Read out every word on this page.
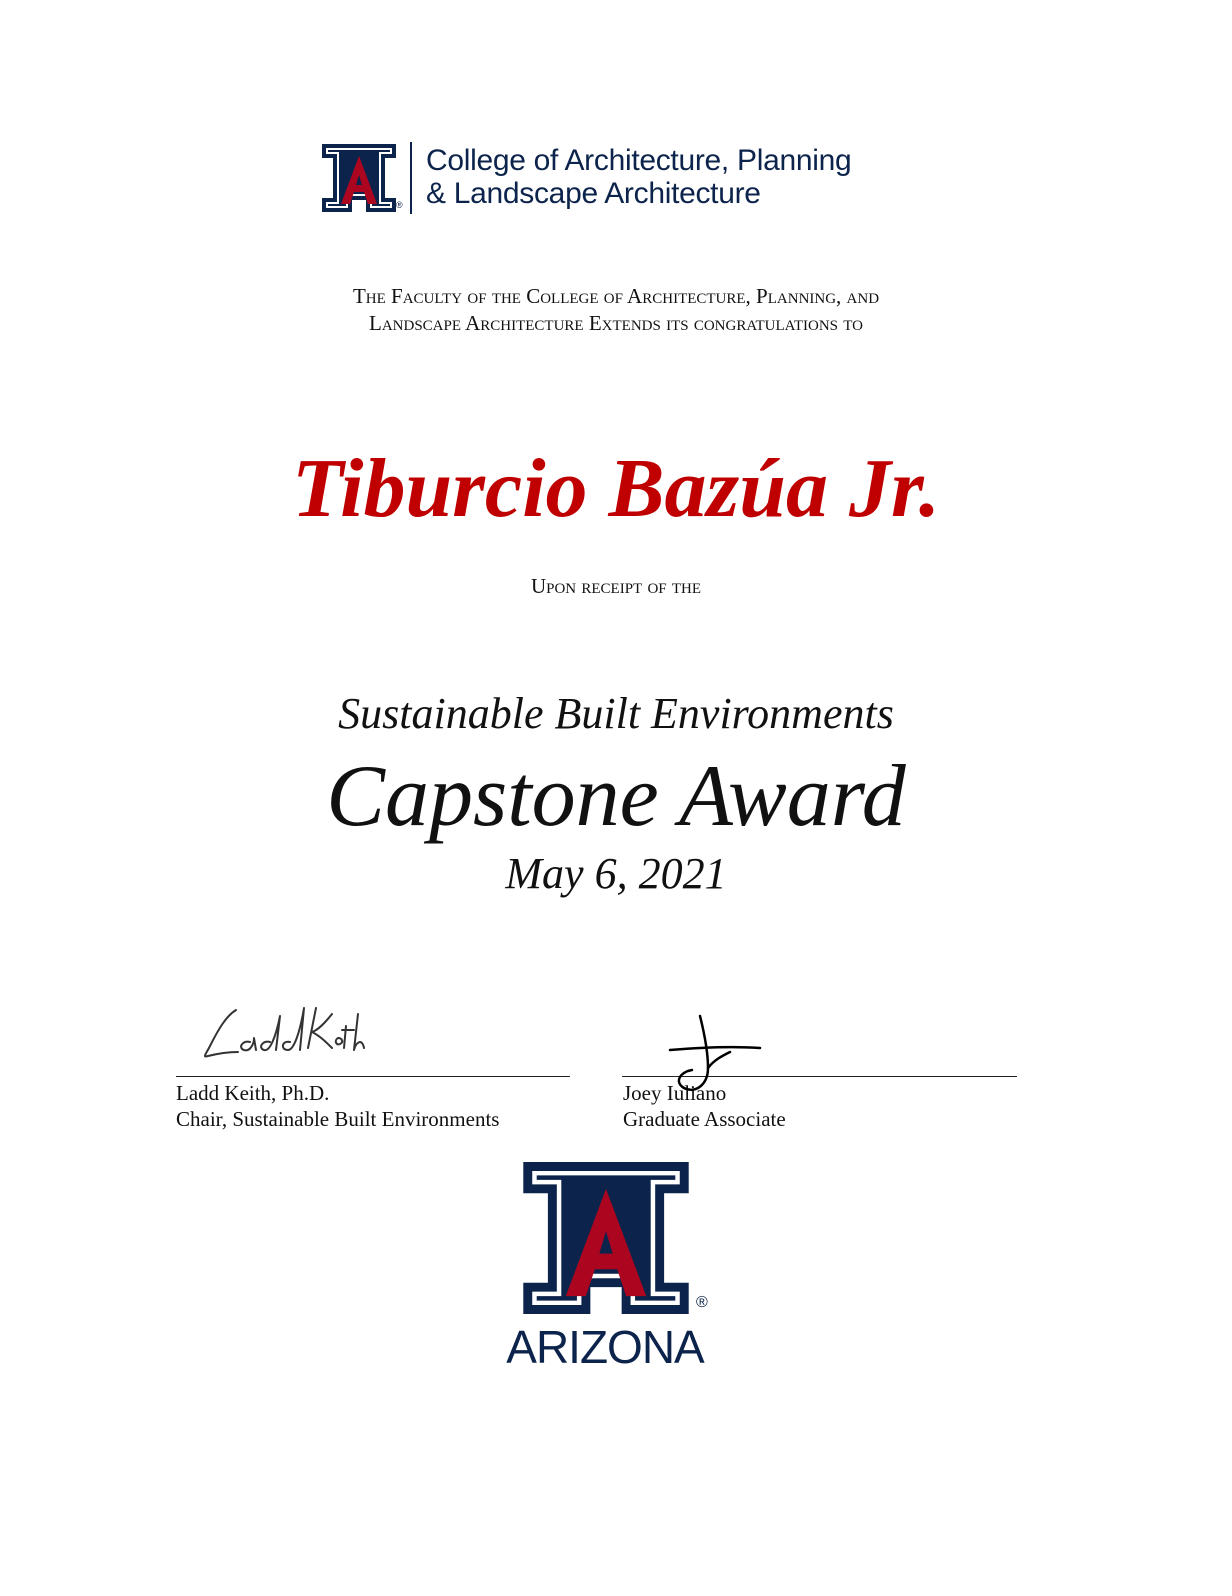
®
College of Architecture, Planning
& Landscape Architecture
The Faculty of the College of Architecture, Planning, and
Landscape Architecture Extends its congratulations to
Tiburcio Bazúa Jr.
Upon receipt of the
Sustainable Built Environments
Capstone Award
May 6, 2021
Ladd Keith, Ph.D.
Chair, Sustainable Built Environments
Joey Iuliano
Graduate Associate
®
ARIZONA
